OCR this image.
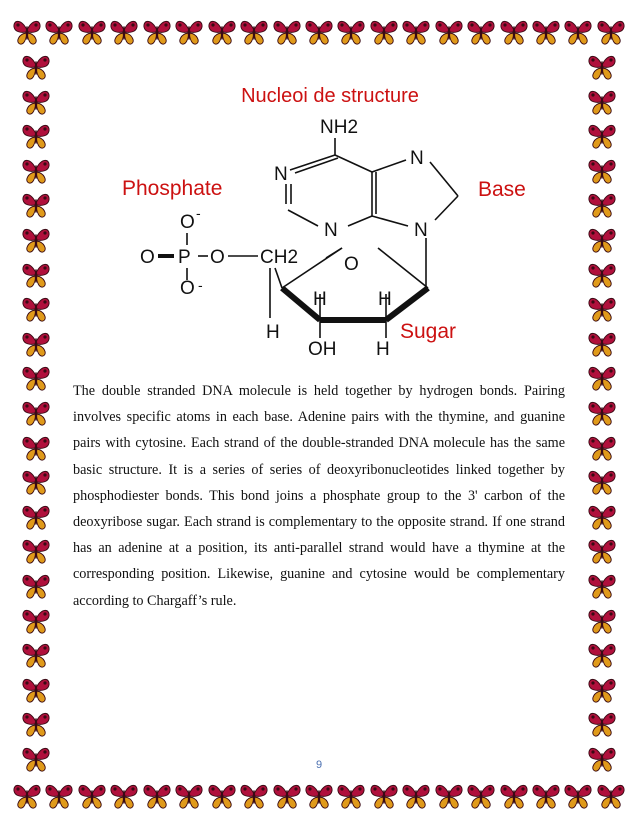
Nucleoi de structure
Phosphate	Base
Sugar
NH2
N
N
N	N
O -
O P O CH2 O
H	H
O -
H
OH H

The double stranded DNA molecule is held together by hydrogen bonds. Pairing involves specific atoms in each base. Adenine pairs with the thymine, and guanine pairs with cytosine. Each strand of the double-stranded DNA molecule has the same basic structure. It is a series of series of deoxyribonucleotides linked together by phosphodiester bonds. This bond joins a phosphate group to the 3' carbon of the deoxyribose sugar. Each strand is complementary to the opposite strand. If one strand has an adenine at a position, its anti-parallel strand would have a thymine at the corresponding position. Likewise, guanine and cytosine would be complementary according to Chargaff’s rule.

9
